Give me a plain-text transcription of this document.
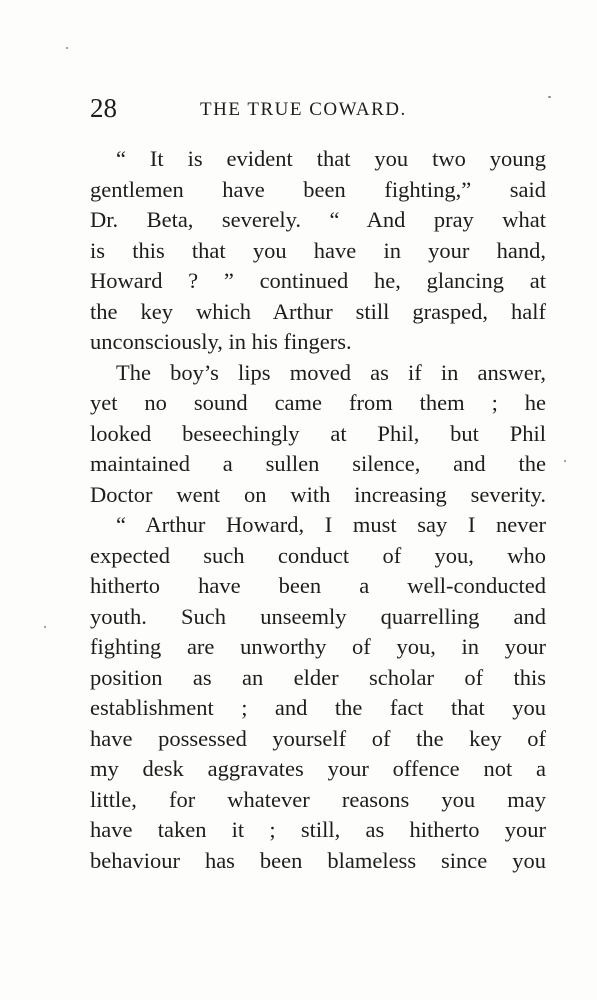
28	THE TRUE COWARD.
“ It is evident that you two young
gentlemen have been fighting,” said
Dr. Beta, severely. “ And pray what
is this that you have in your hand,
Howard ? ” continued he, glancing at
the key which Arthur still grasped, half
unconsciously, in his fingers.
The boy’s lips moved as if in answer,
yet no sound came from them ; he
looked beseechingly at Phil, but Phil
maintained a sullen silence, and the
Doctor went on with increasing severity.
“ Arthur Howard, I must say I never
expected such conduct of you, who
hitherto have been a well-conducted
youth. Such unseemly quarrelling and
fighting are unworthy of you, in your
position as an elder scholar of this
establishment ; and the fact that you
have possessed yourself of the key of
my desk aggravates your offence not a
little, for whatever reasons you may
have taken it ; still, as hitherto your
behaviour has been blameless since you
